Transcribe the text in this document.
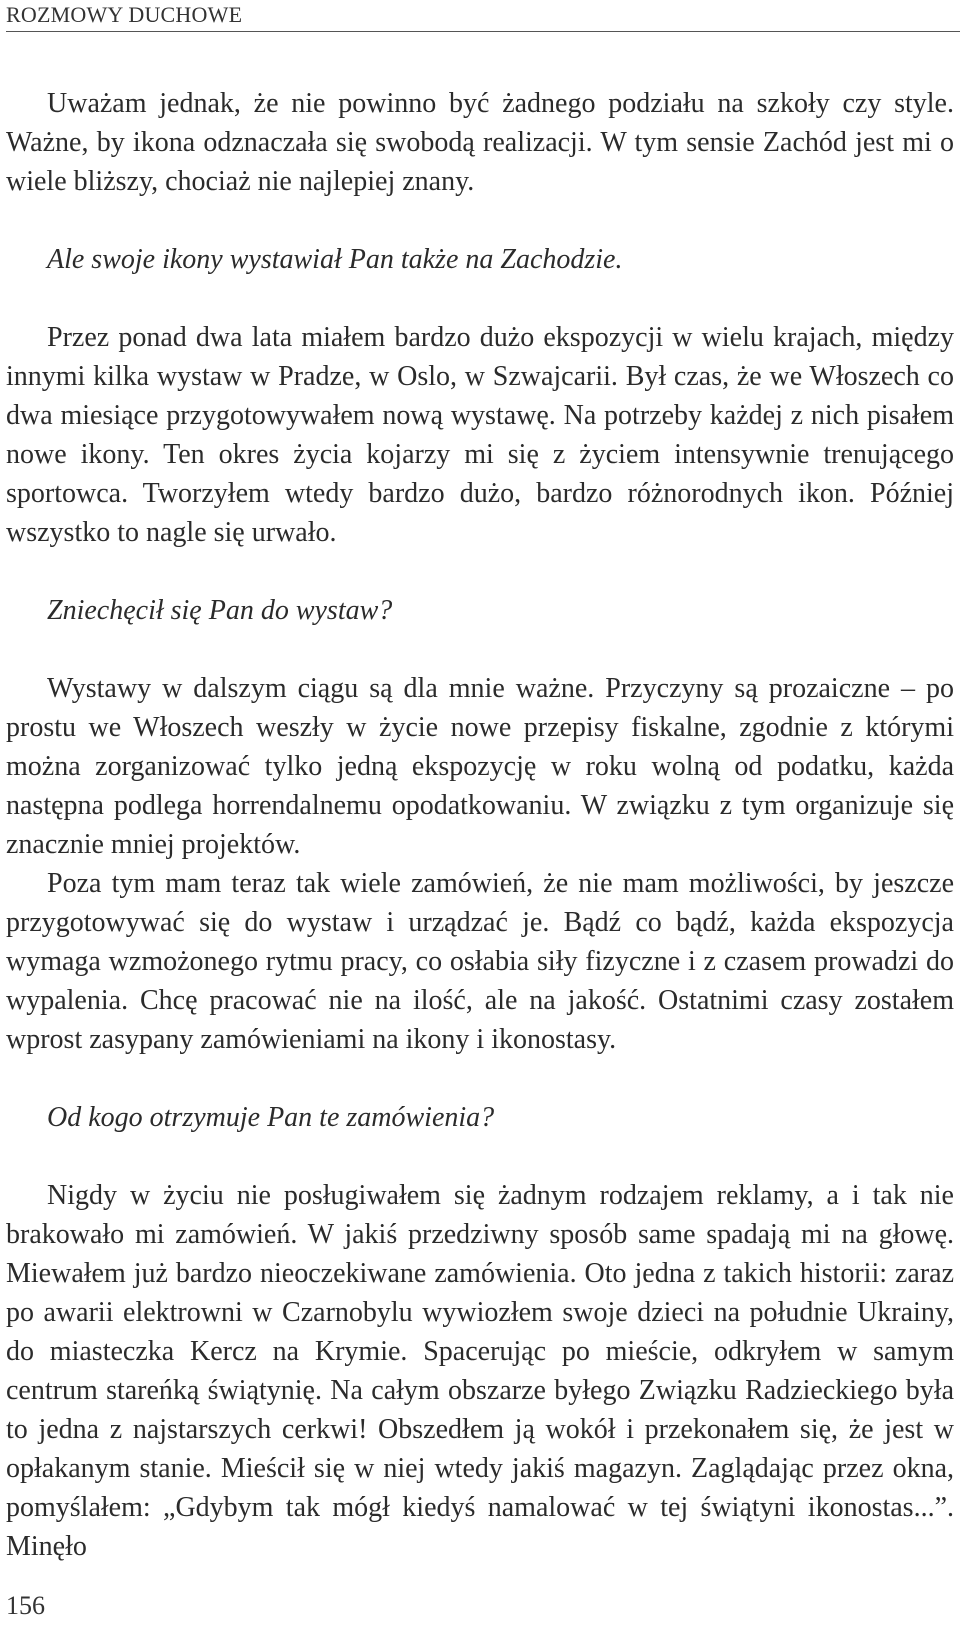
ROZMOWY DUCHOWE

Uważam jednak, że nie powinno być żadnego podziału na szkoły czy style. Ważne, by ikona odznaczała się swobodą realizacji. W tym sensie Zachód jest mi o wiele bliższy, chociaż nie najlepiej znany.

Ale swoje ikony wystawiał Pan także na Zachodzie.

Przez ponad dwa lata miałem bardzo dużo ekspozycji w wielu krajach, między innymi kilka wystaw w Pradze, w Oslo, w Szwajcarii. Był czas, że we Włoszech co dwa miesiące przygotowywałem nową wystawę. Na potrzeby każdej z nich pisałem nowe ikony. Ten okres życia kojarzy mi się z życiem intensywnie trenującego sportowca. Tworzyłem wtedy bardzo dużo, bardzo różnorodnych ikon. Później wszystko to nagle się urwało.

Zniechęcił się Pan do wystaw?

Wystawy w dalszym ciągu są dla mnie ważne. Przyczyny są prozaiczne – po prostu we Włoszech weszły w życie nowe przepisy fiskalne, zgodnie z którymi można zorganizować tylko jedną ekspozycję w roku wolną od podatku, każda następna podlega horrendalnemu opodatkowaniu. W związku z tym organizuje się znacznie mniej projektów.

Poza tym mam teraz tak wiele zamówień, że nie mam możliwości, by jeszcze przygotowywać się do wystaw i urządzać je. Bądź co bądź, każda ekspozycja wymaga wzmożonego rytmu pracy, co osłabia siły fizyczne i z czasem prowadzi do wypalenia. Chcę pracować nie na ilość, ale na jakość. Ostatnimi czasy zostałem wprost zasypany zamówieniami na ikony i ikonostasy.

Od kogo otrzymuje Pan te zamówienia?

Nigdy w życiu nie posługiwałem się żadnym rodzajem reklamy, a i tak nie brakowało mi zamówień. W jakiś przedziwny sposób same spadają mi na głowę. Miewałem już bardzo nieoczekiwane zamówienia. Oto jedna z takich historii: zaraz po awarii elektrowni w Czarnobylu wywiozłem swoje dzieci na południe Ukrainy, do miasteczka Kercz na Krymie. Spacerując po mieście, odkryłem w samym centrum stareńką świątynię. Na całym obszarze byłego Związku Radzieckiego była to jedna z najstarszych cerkwi! Obszedłem ją wokół i przekonałem się, że jest w opłakanym stanie. Mieścił się w niej wtedy jakiś magazyn. Zaglądając przez okna, pomyślałem: „Gdybym tak mógł kiedyś namalować w tej świątyni ikonostas...”. Minęło

156
